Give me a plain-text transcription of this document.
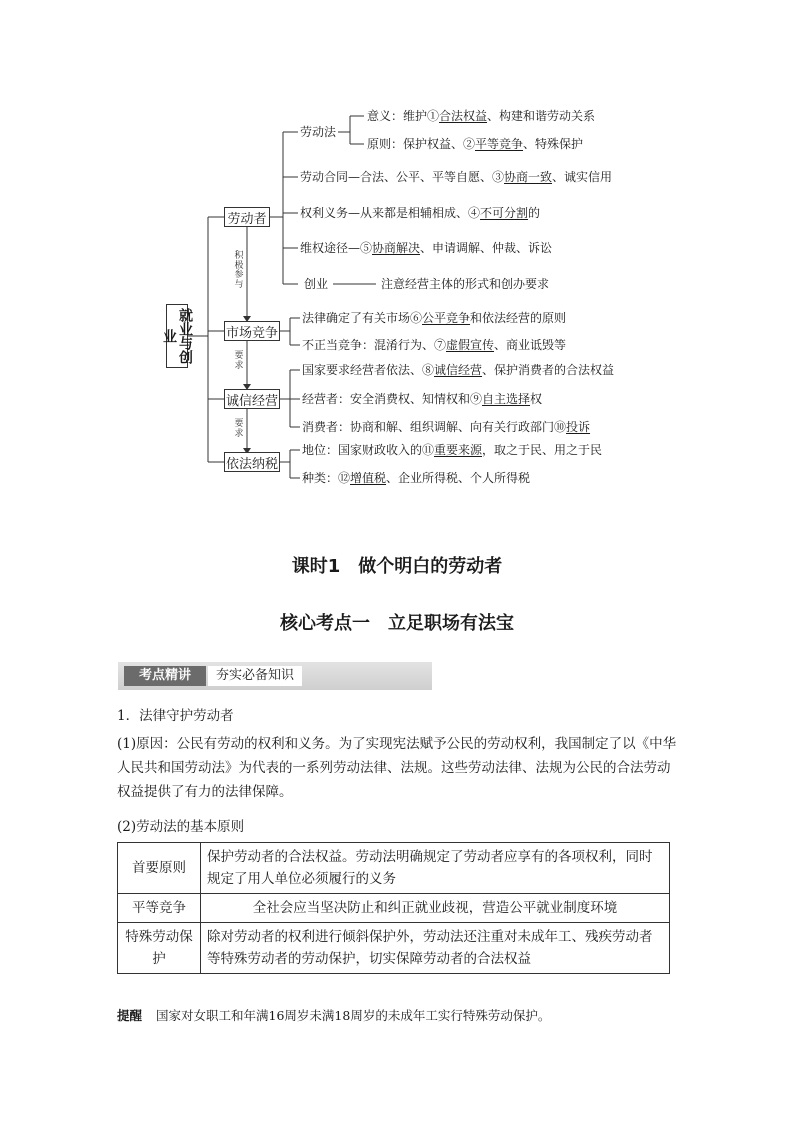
就业与创业
劳动者
市场竞争
诚信经营
依法纳税
积极参与
要求
要求
劳动法
意义：维护①合法权益、构建和谐劳动关系
原则：保护权益、②平等竞争、特殊保护
劳动合同—合法、公平、平等自愿、③协商一致、诚实信用
权利义务—从来都是相辅相成、④不可分割的
维权途径—⑤协商解决、申请调解、仲裁、诉讼
创业	注意经营主体的形式和创办要求
法律确定了有关市场⑥公平竞争和依法经营的原则
不正当竞争：混淆行为、⑦虚假宣传、商业诋毁等
国家要求经营者依法、⑧诚信经营、保护消费者的合法权益
经营者：安全消费权、知情权和⑨自主选择权
消费者：协商和解、组织调解、向有关行政部门⑩投诉
地位：国家财政收入的⑪重要来源，取之于民、用之于民
种类：⑫增值税、企业所得税、个人所得税
课时1　做个明白的劳动者
核心考点一　立足职场有法宝
考点精讲	夯实必备知识
1．法律守护劳动者
(1)原因：公民有劳动的权利和义务。为了实现宪法赋予公民的劳动权利，我国制定了以《中华人民共和国劳动法》为代表的一系列劳动法律、法规。这些劳动法律、法规为公民的合法劳动权益提供了有力的法律保障。
(2)劳动法的基本原则
首要原则	保护劳动者的合法权益。劳动法明确规定了劳动者应享有的各项权利，同时规定了用人单位必须履行的义务
平等竞争	全社会应当坚决防止和纠正就业歧视，营造公平就业制度环境
特殊劳动保护	除对劳动者的权利进行倾斜保护外，劳动法还注重对未成年工、残疾劳动者等特殊劳动者的劳动保护，切实保障劳动者的合法权益
提醒 国家对女职工和年满16周岁未满18周岁的未成年工实行特殊劳动保护。
